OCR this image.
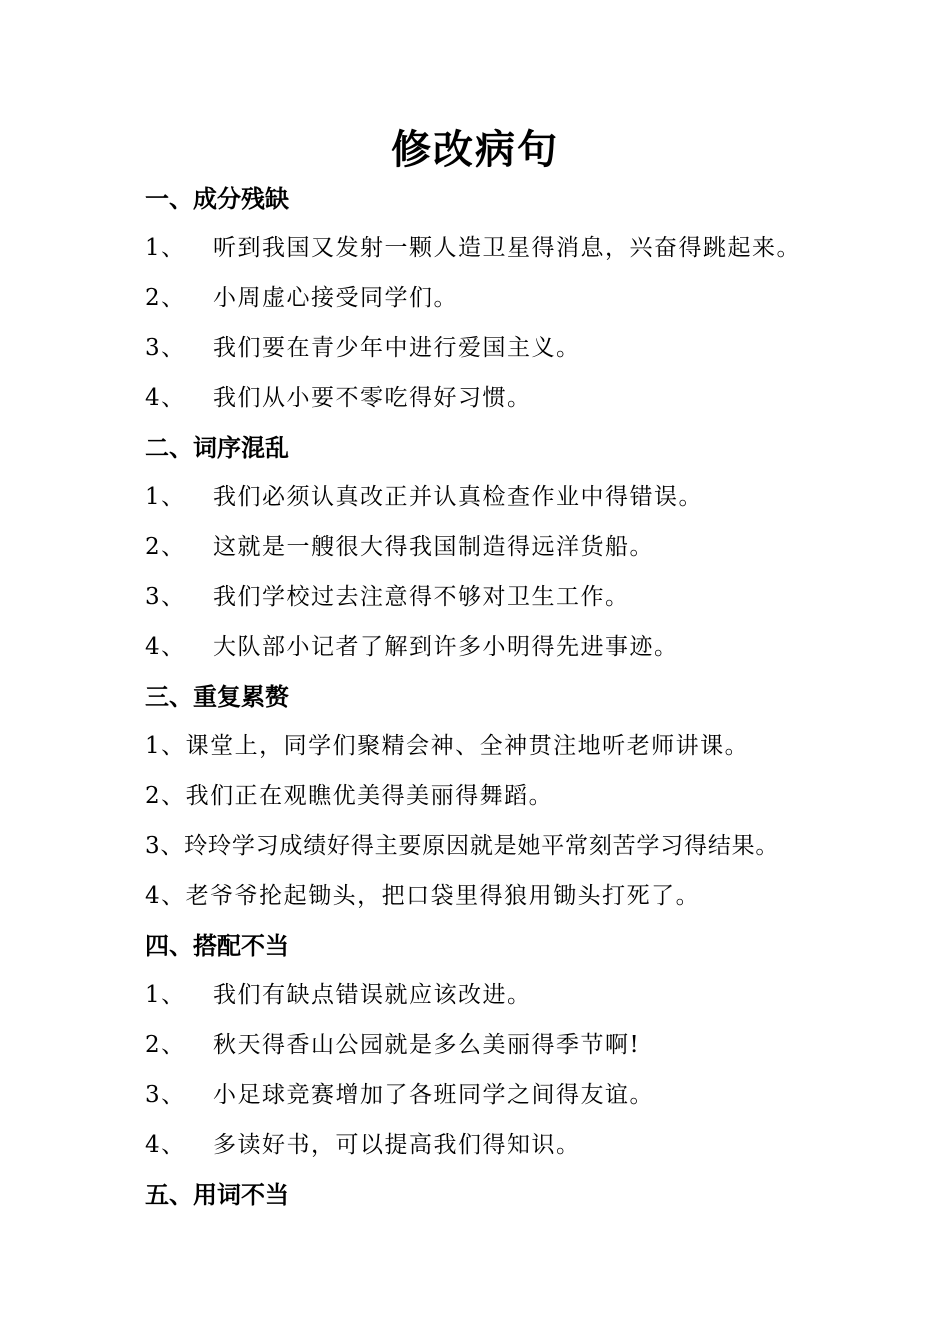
修改病句
一、成分残缺
1、 听到我国又发射一颗人造卫星得消息，兴奋得跳起来。
2、 小周虚心接受同学们。
3、 我们要在青少年中进行爱国主义。
4、 我们从小要不零吃得好习惯。
二、词序混乱
1、 我们必须认真改正并认真检查作业中得错误。
2、 这就是一艘很大得我国制造得远洋货船。
3、 我们学校过去注意得不够对卫生工作。
4、 大队部小记者了解到许多小明得先进事迹。
三、重复累赘
1、课堂上，同学们聚精会神、全神贯注地听老师讲课。
2、我们正在观瞧优美得美丽得舞蹈。
3、玲玲学习成绩好得主要原因就是她平常刻苦学习得结果。
4、老爷爷抡起锄头，把口袋里得狼用锄头打死了。
四、搭配不当
1、 我们有缺点错误就应该改进。
2、 秋天得香山公园就是多么美丽得季节啊!
3、 小足球竞赛增加了各班同学之间得友谊。
4、 多读好书，可以提高我们得知识。
五、用词不当
